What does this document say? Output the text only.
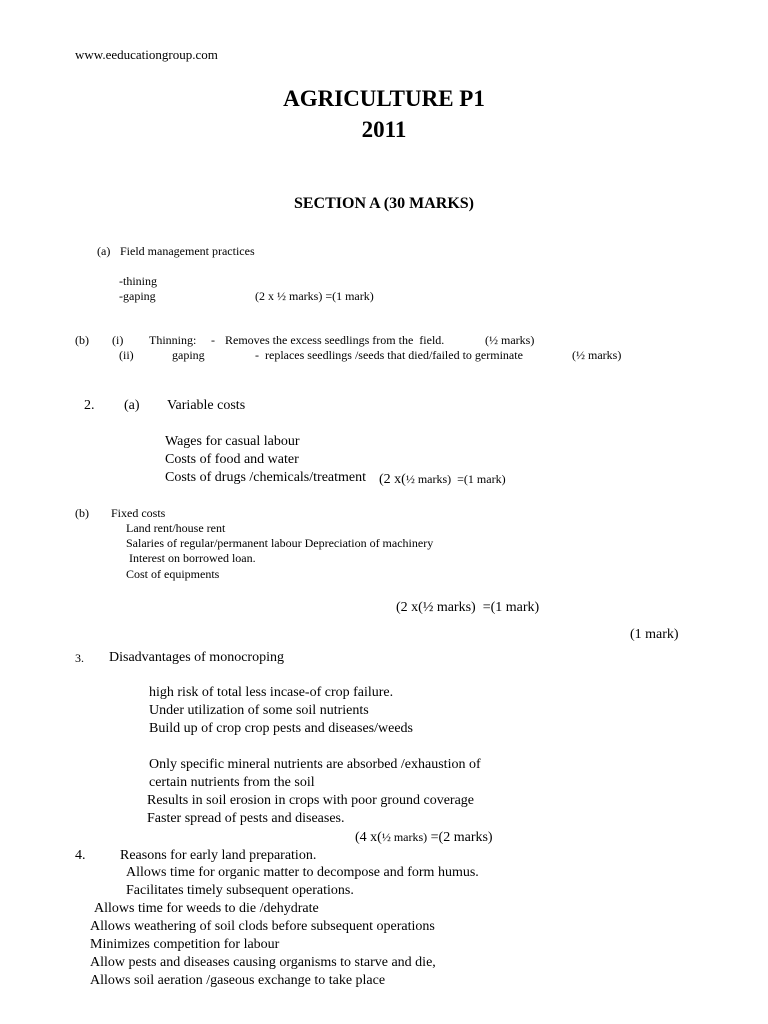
www.eeducationgroup.com
AGRICULTURE P1
2011
SECTION A (30 MARKS)
(a) Field management practices
-thining
-gaping	(2 x ½ marks) =(1 mark)
(b) (i) Thinning: - Removes the excess seedlings from the  field.	(½ marks)
(ii)	gaping	-  replaces seedlings /seeds that died/failed to germinate	(½ marks)
2. (a) Variable costs
Wages for casual labour
Costs of food and water
Costs of drugs /chemicals/treatment (2 x(½ marks) =(1 mark)
(b) Fixed costs
Land rent/house rent
Salaries of regular/permanent labour Depreciation of machinery
Interest on borrowed loan.
Cost of equipments
(2 x(½ marks)  =(1 mark)
(1 mark)
3. Disadvantages of monocroping
high risk of total less incase-of crop failure.
Under utilization of some soil nutrients
Build up of crop crop pests and diseases/weeds
Only specific mineral nutrients are absorbed /exhaustion of
certain nutrients from the soil
Results in soil erosion in crops with poor ground coverage
Faster spread of pests and diseases.
(4 x(½ marks) =(2 marks)
4. Reasons for early land preparation.
Allows time for organic matter to decompose and form humus.
Facilitates timely subsequent operations.
Allows time for weeds to die /dehydrate
Allows weathering of soil clods before subsequent operations
Minimizes competition for labour
Allow pests and diseases causing organisms to starve and die,
Allows soil aeration /gaseous exchange to take place
